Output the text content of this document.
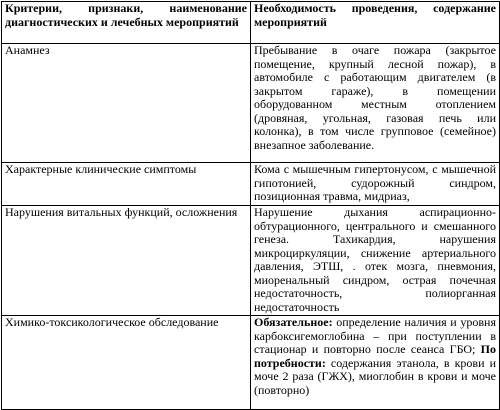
Критерии, признаки, наименование диагностических и лечебных мероприятий	Необходимость проведения, содержание мероприятий
Анамнез	Пребывание в очаге пожара (закрытое помещение, крупный лесной пожар), в автомобиле с работающим двигателем (в закрытом гараже), в помещении оборудованном местным отоплением (дровяная, угольная, газовая печь или колонка), в том числе групповое (семейное) внезапное заболевание.
Характерные клинические симптомы	Кома с мышечным гипертонусом, с мышечной гипотонией, судорожный синдром, позиционная травма, мидриаз,
Нарушения витальных функций, осложнения	Нарушение дыхания аспирационно-обтурационного, центрального и смешанного генеза. Тахикардия, нарушения микроциркуляции, снижение артериального давления, ЭТШ, . отек мозга, пневмония, миоренальный синдром, острая почечная недостаточность, полиорганная недостаточность
Химико-токсикологическое обследование	Обязательное: определение наличия и уровня карбоксигемоглобина – при поступлении в стационар и повторно после сеанса ГБО; По потребности: содержания этанола, в крови и моче 2 раза (ГЖХ), миоглобин в крови и моче (повторно)
